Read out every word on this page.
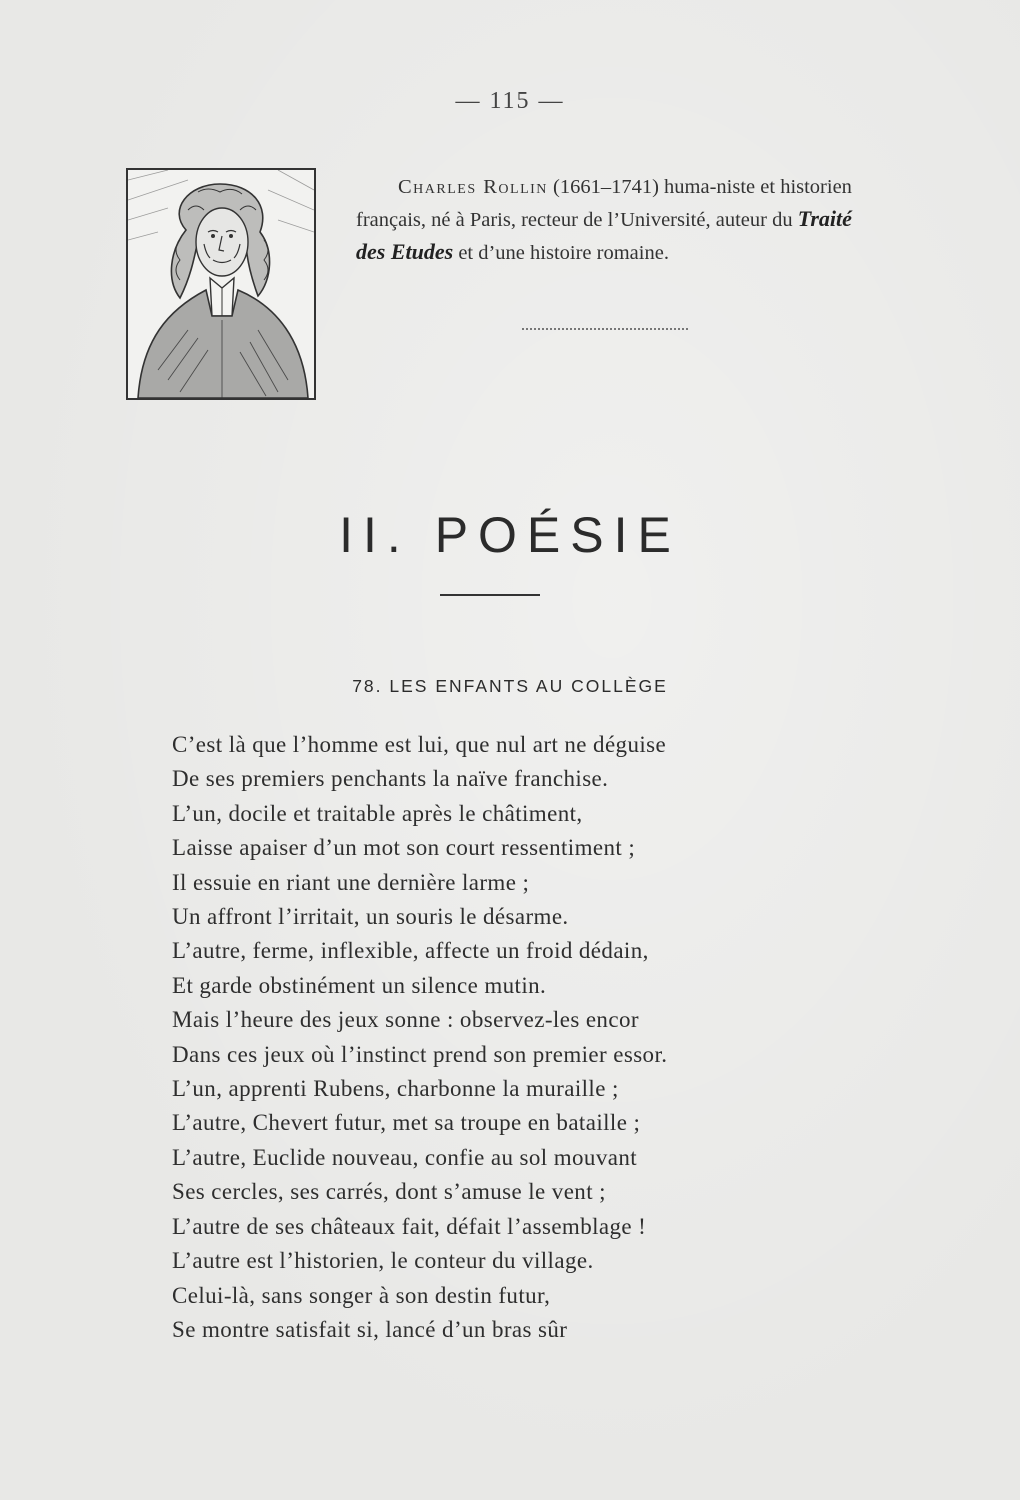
— 115 —
Charles Rollin (1661–1741) huma-niste et historien français, né à Paris, recteur de l’Université, auteur du Traité des Etudes et d’une histoire romaine.
II. POÉSIE
78. LES ENFANTS AU COLLÈGE
C’est là que l’homme est lui, que nul art ne déguise
De ses premiers penchants la naïve franchise.
L’un, docile et traitable après le châtiment,
Laisse apaiser d’un mot son court ressentiment ;
Il essuie en riant une dernière larme ;
Un affront l’irritait, un souris le désarme.
L’autre, ferme, inflexible, affecte un froid dédain,
Et garde obstinément un silence mutin.
Mais l’heure des jeux sonne : observez-les encor
Dans ces jeux où l’instinct prend son premier essor.
L’un, apprenti Rubens, charbonne la muraille ;
L’autre, Chevert futur, met sa troupe en bataille ;
L’autre, Euclide nouveau, confie au sol mouvant
Ses cercles, ses carrés, dont s’amuse le vent ;
L’autre de ses châteaux fait, défait l’assemblage !
L’autre est l’historien, le conteur du village.
Celui-là, sans songer à son destin futur,
Se montre satisfait si, lancé d’un bras sûr
